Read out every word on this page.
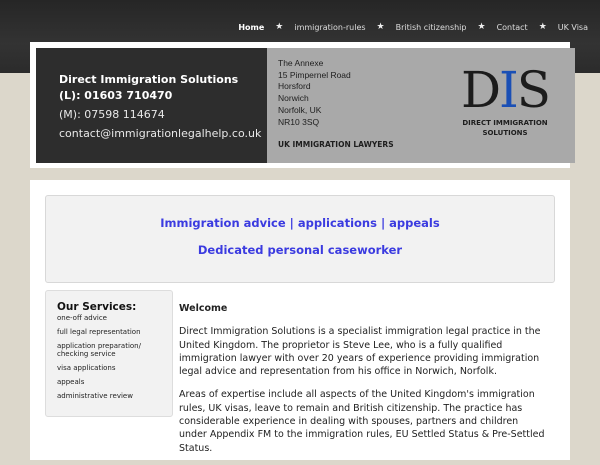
Home ★ immigration-rules ★ British citizenship ★ Contact ★ UK Visa
Direct Immigration Solutions
(L): 01603 710470
(M): 07598 114674
contact@immigrationlegalhelp.co.uk
The Annexe
15 Pimpernel Road
Horsford
Norwich
Norfolk, UK
NR10 3SQ
UK IMMIGRATION LAWYERS
DIS
DIRECT IMMIGRATION
SOLUTIONS
Immigration advice | applications | appeals
Dedicated personal caseworker
Our Services:
one-off advice
full legal representation
application preparation/ checking service
visa applications
appeals
administrative review
Welcome

Direct Immigration Solutions is a specialist immigration legal practice in the United Kingdom. The proprietor is Steve Lee, who is a fully qualified immigration lawyer with over 20 years of experience providing immigration legal advice and representation from his office in Norwich, Norfolk.

Areas of expertise include all aspects of the United Kingdom's immigration rules, UK visas, leave to remain and British citizenship. The practice has considerable experience in dealing with spouses, partners and children under Appendix FM to the immigration rules, EU Settled Status & Pre-Settled Status.
